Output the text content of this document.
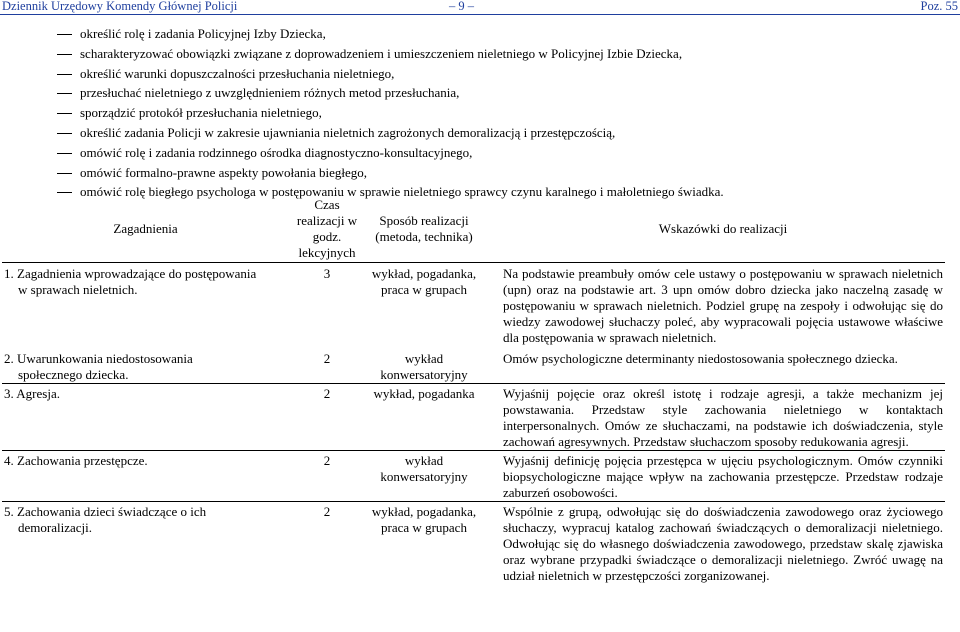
Dziennik Urzędowy Komendy Głównej Policji	– 9 –	Poz. 55
określić rolę i zadania Policyjnej Izby Dziecka,
scharakteryzować obowiązki związane z doprowadzeniem i umieszczeniem nieletniego w Policyjnej Izbie Dziecka,
określić warunki dopuszczalności przesłuchania nieletniego,
przesłuchać nieletniego z uwzględnieniem różnych metod przesłuchania,
sporządzić protokół przesłuchania nieletniego,
określić zadania Policji w zakresie ujawniania nieletnich zagrożonych demoralizacją i przestępczością,
omówić rolę i zadania rodzinnego ośrodka diagnostyczno-konsultacyjnego,
omówić formalno-prawne aspekty powołania biegłego,
omówić rolę biegłego psychologa w postępowaniu w sprawie nieletniego sprawcy czynu karalnego i małoletniego świadka.
Zagadnienia	Czas realizacji w godz. lekcyjnych	Sposób realizacji (metoda, technika)	Wskazówki do realizacji
1. Zagadnienia wprowadzające do postępowania
w sprawach nieletnich.	3	wykład, pogadanka, praca w grupach	Na podstawie preambuły omów cele ustawy o postępowaniu w sprawach nieletnich (upn) oraz na podstawie art. 3 upn omów dobro dziecka jako naczelną zasadę w postępowaniu w sprawach nieletnich. Podziel grupę na zespoły i odwołując się do wiedzy zawodowej słuchaczy poleć, aby wypracowali pojęcia ustawowe właściwe dla postępowania w sprawach nieletnich.
2. Uwarunkowania niedostosowania
społecznego dziecka.	2	wykład konwersatoryjny	Omów psychologiczne determinanty niedostosowania społecznego dziecka.
3. Agresja.	2	wykład, pogadanka	Wyjaśnij pojęcie oraz określ istotę i rodzaje agresji, a także mechanizm jej powstawania. Przedstaw style zachowania nieletniego w kontaktach interpersonalnych. Omów ze słuchaczami, na podstawie ich doświadczenia, style zachowań agresywnych. Przedstaw słuchaczom sposoby redukowania agresji.
4. Zachowania przestępcze.	2	wykład konwersatoryjny	Wyjaśnij definicję pojęcia przestępca w ujęciu psychologicznym. Omów czynniki biopsychologiczne mające wpływ na zachowania przestępcze. Przedstaw rodzaje zaburzeń osobowości.
5. Zachowania dzieci świadczące o ich
demoralizacji.	2	wykład, pogadanka, praca w grupach	Wspólnie z grupą, odwołując się do doświadczenia zawodowego oraz życiowego słuchaczy, wypracuj katalog zachowań świadczących o demoralizacji nieletniego. Odwołując się do własnego doświadczenia zawodowego, przedstaw skalę zjawiska oraz wybrane przypadki świadczące o demoralizacji nieletniego. Zwróć uwagę na udział nieletnich w przestępczości zorganizowanej.
